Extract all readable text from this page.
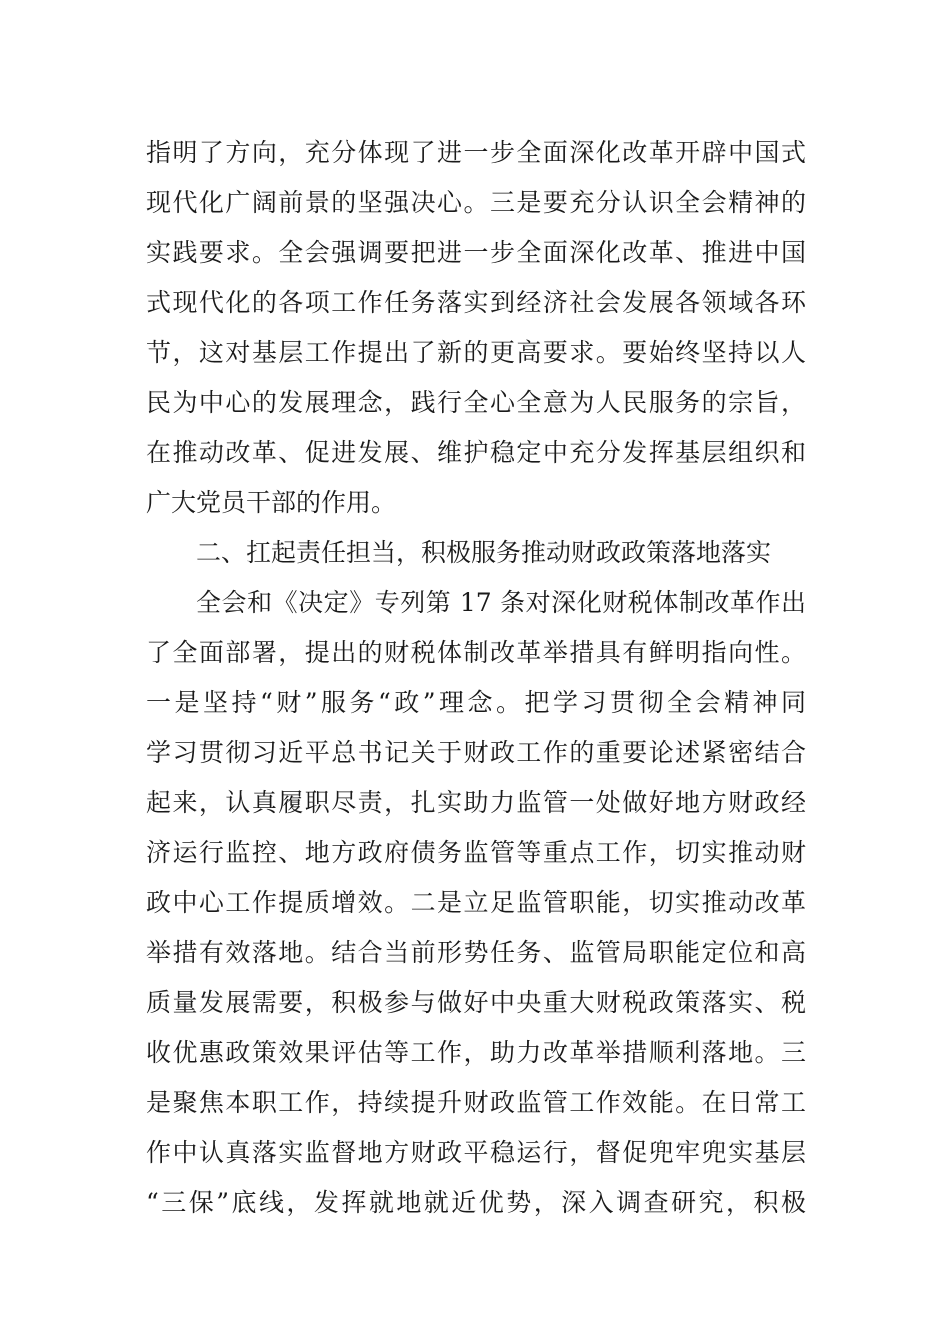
指明了方向，充分体现了进一步全面深化改革开辟中国式
现代化广阔前景的坚强决心。三是要充分认识全会精神的
实践要求。全会强调要把进一步全面深化改革、推进中国
式现代化的各项工作任务落实到经济社会发展各领域各环
节，这对基层工作提出了新的更高要求。要始终坚持以人
民为中心的发展理念，践行全心全意为人民服务的宗旨，
在推动改革、促进发展、维护稳定中充分发挥基层组织和
广大党员干部的作用。
二、扛起责任担当，积极服务推动财政政策落地落实
全会和《决定》专列第 17 条对深化财税体制改革作出
了全面部署，提出的财税体制改革举措具有鲜明指向性。
一是坚持“财”服务“政”理念。把学习贯彻全会精神同
学习贯彻习近平总书记关于财政工作的重要论述紧密结合
起来，认真履职尽责，扎实助力监管一处做好地方财政经
济运行监控、地方政府债务监管等重点工作，切实推动财
政中心工作提质增效。二是立足监管职能，切实推动改革
举措有效落地。结合当前形势任务、监管局职能定位和高
质量发展需要，积极参与做好中央重大财税政策落实、税
收优惠政策效果评估等工作，助力改革举措顺利落地。三
是聚焦本职工作，持续提升财政监管工作效能。在日常工
作中认真落实监督地方财政平稳运行，督促兜牢兜实基层
“三保”底线，发挥就地就近优势，深入调查研究，积极
